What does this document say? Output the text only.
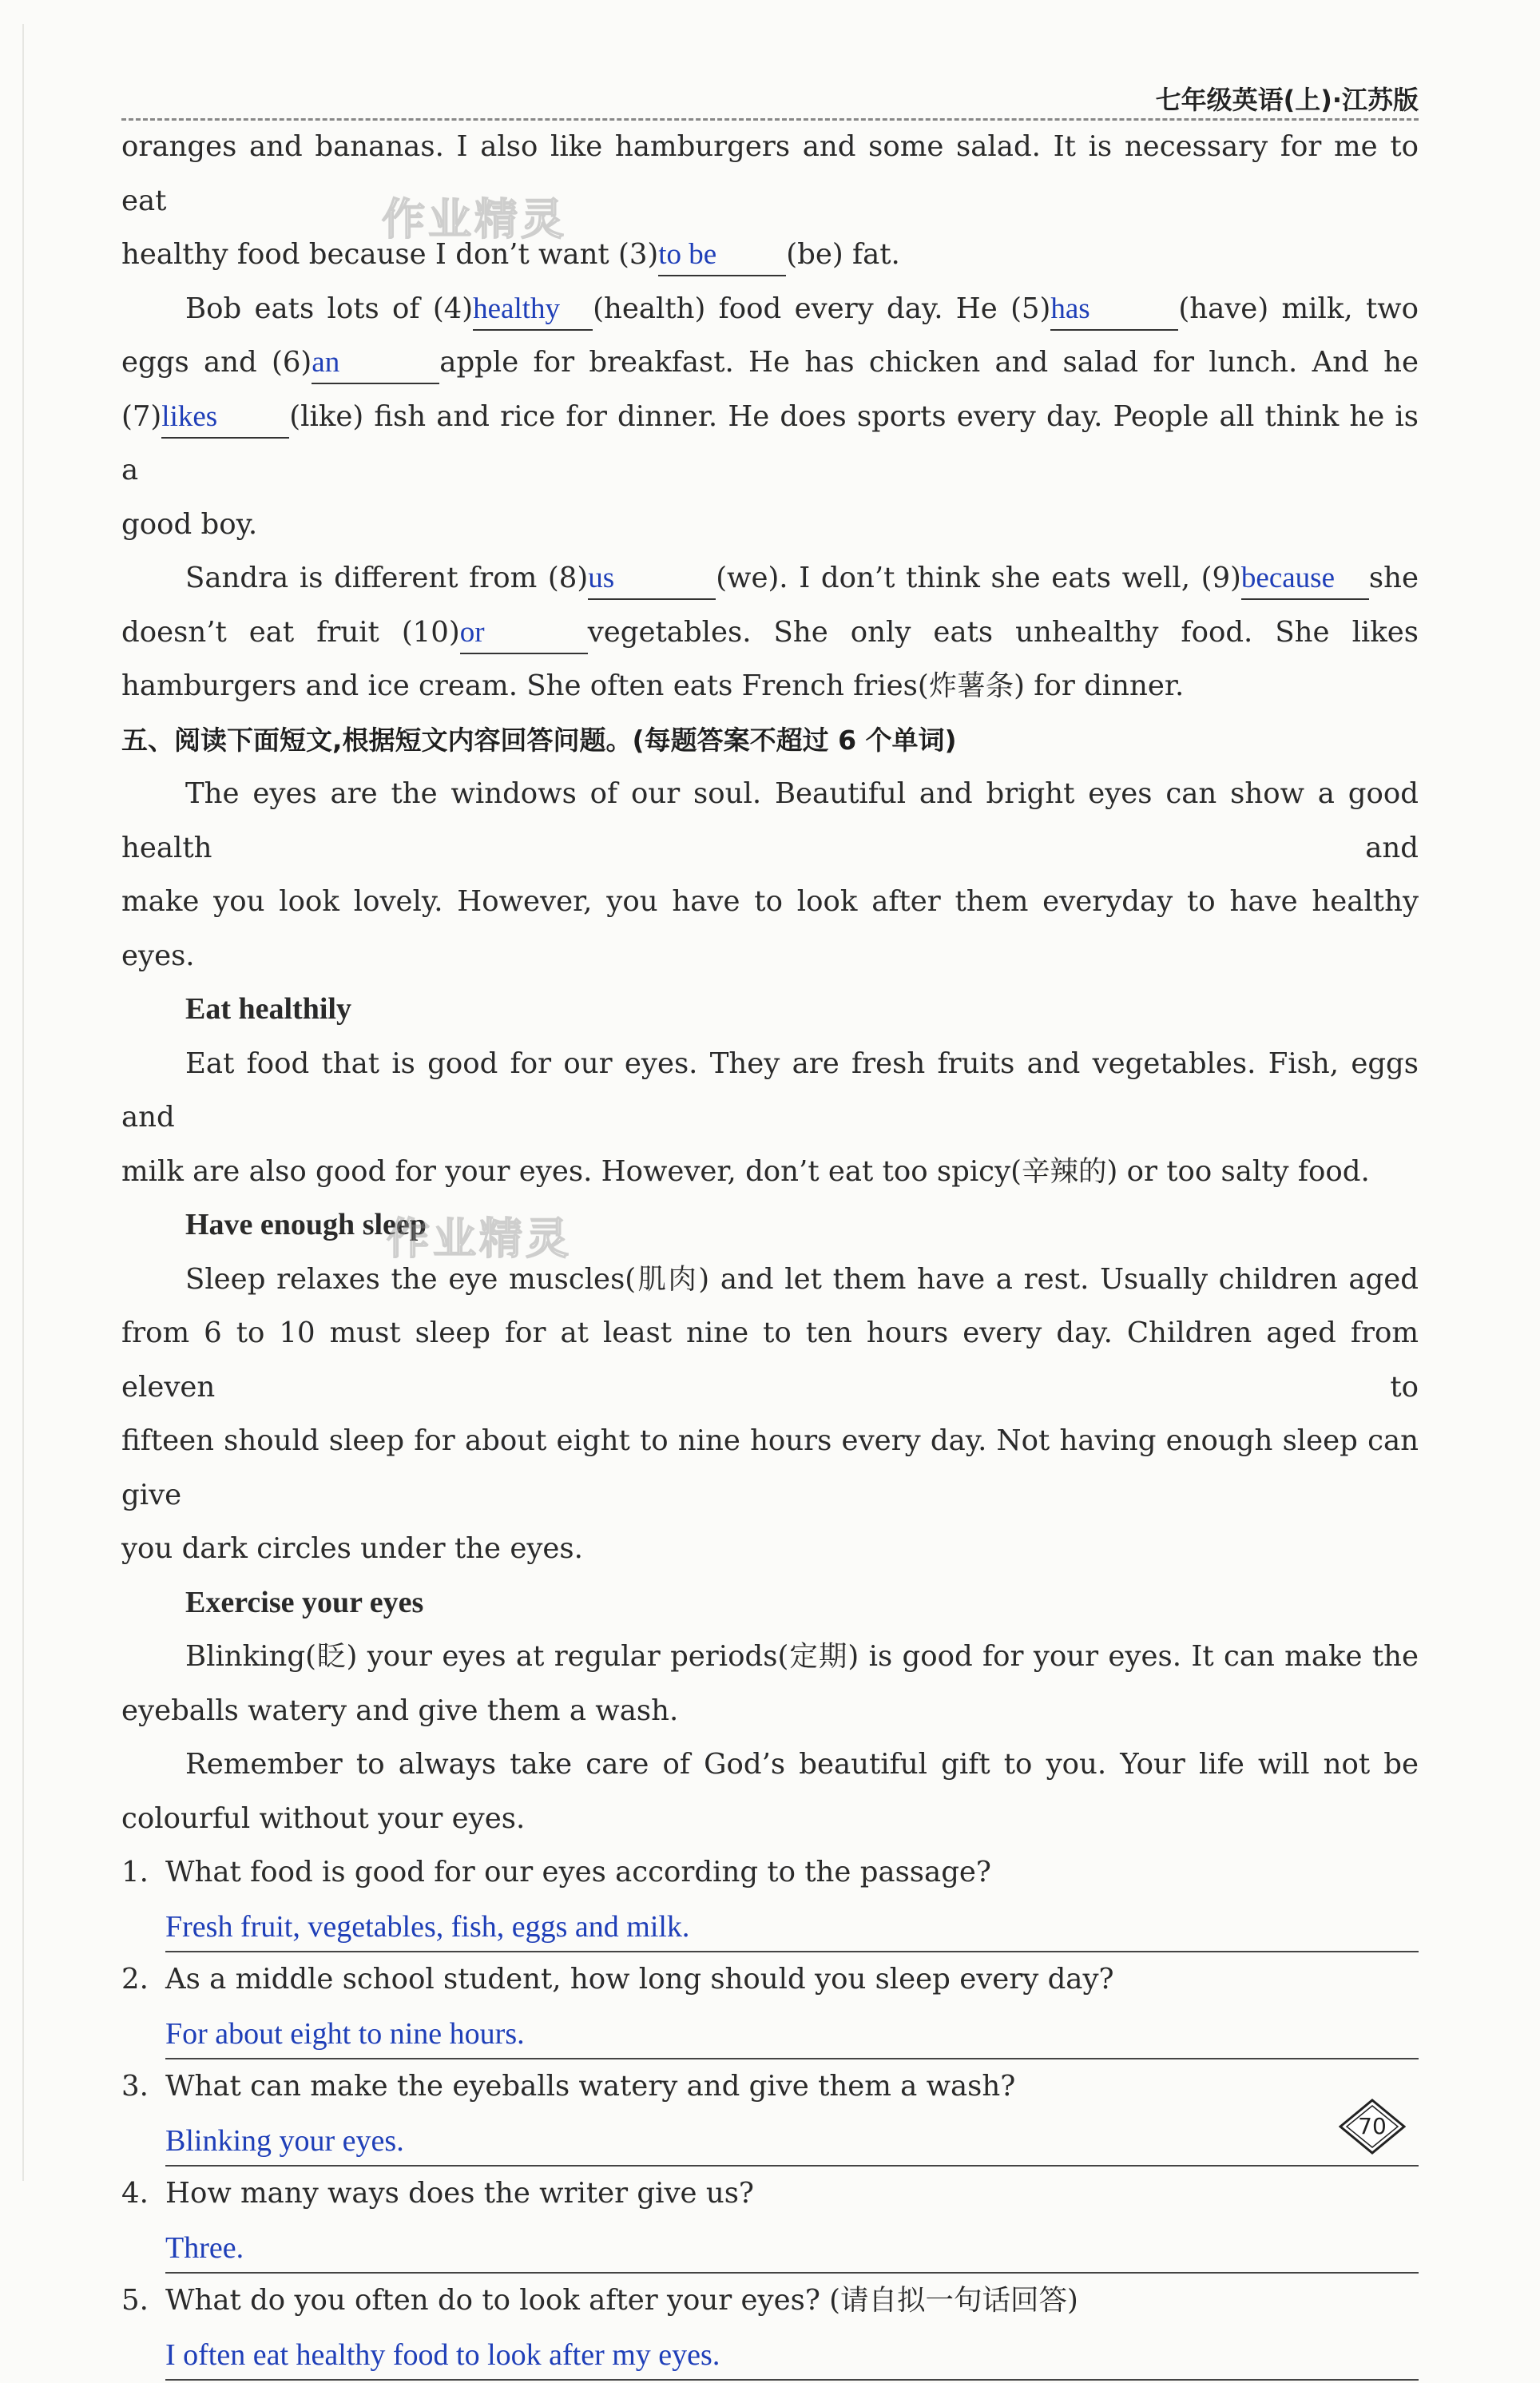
七年级英语(上)·江苏版

oranges and bananas. I also like hamburgers and some salad. It is necessary for me to eat

healthy food because I don’t want (3)to be (be) fat.

Bob eats lots of (4)healthy (health) food every day. He (5)has	(have) milk, two

eggs and (6)an	apple for breakfast. He has chicken and salad for lunch. And he

(7)likes	(like) fish and rice for dinner. He does sports every day. People all think he is a

good boy.

Sandra is different from (8)us	(we). I don’t think she eats well, (9)because she

doesn’t eat fruit (10)or	vegetables. She only eats unhealthy food. She likes

hamburgers and ice cream. She often eats French fries(炸薯条) for dinner.

五、阅读下面短文,根据短文内容回答问题。(每题答案不超过 6 个单词)

The eyes are the windows of our soul. Beautiful and bright eyes can show a good health and

make you look lovely. However, you have to look after them everyday to have healthy eyes.

Eat healthily

Eat food that is good for our eyes. They are fresh fruits and vegetables. Fish, eggs and

milk are also good for your eyes. However, don’t eat too spicy(辛辣的) or too salty food.

Have enough sleep

Sleep relaxes the eye muscles(肌肉) and let them have a rest. Usually children aged

from 6 to 10 must sleep for at least nine to ten hours every day. Children aged from eleven to

fifteen should sleep for about eight to nine hours every day. Not having enough sleep can give

you dark circles under the eyes.

Exercise your eyes

Blinking(眨) your eyes at regular periods(定期) is good for your eyes. It can make the

eyeballs watery and give them a wash.

Remember to always take care of God’s beautiful gift to you. Your life will not be

colourful without your eyes.

1. What food is good for our eyes according to the passage?

Fresh fruit, vegetables, fish, eggs and milk.

2. As a middle school student, how long should you sleep every day?

For about eight to nine hours.

3. What can make the eyeballs watery and give them a wash?

Blinking your eyes.

4. How many ways does the writer give us?

Three.

5. What do you often do to look after your eyes? (请自拟一句话回答)

I often eat healthy food to look after my eyes.
作业精灵
作业精灵
70
